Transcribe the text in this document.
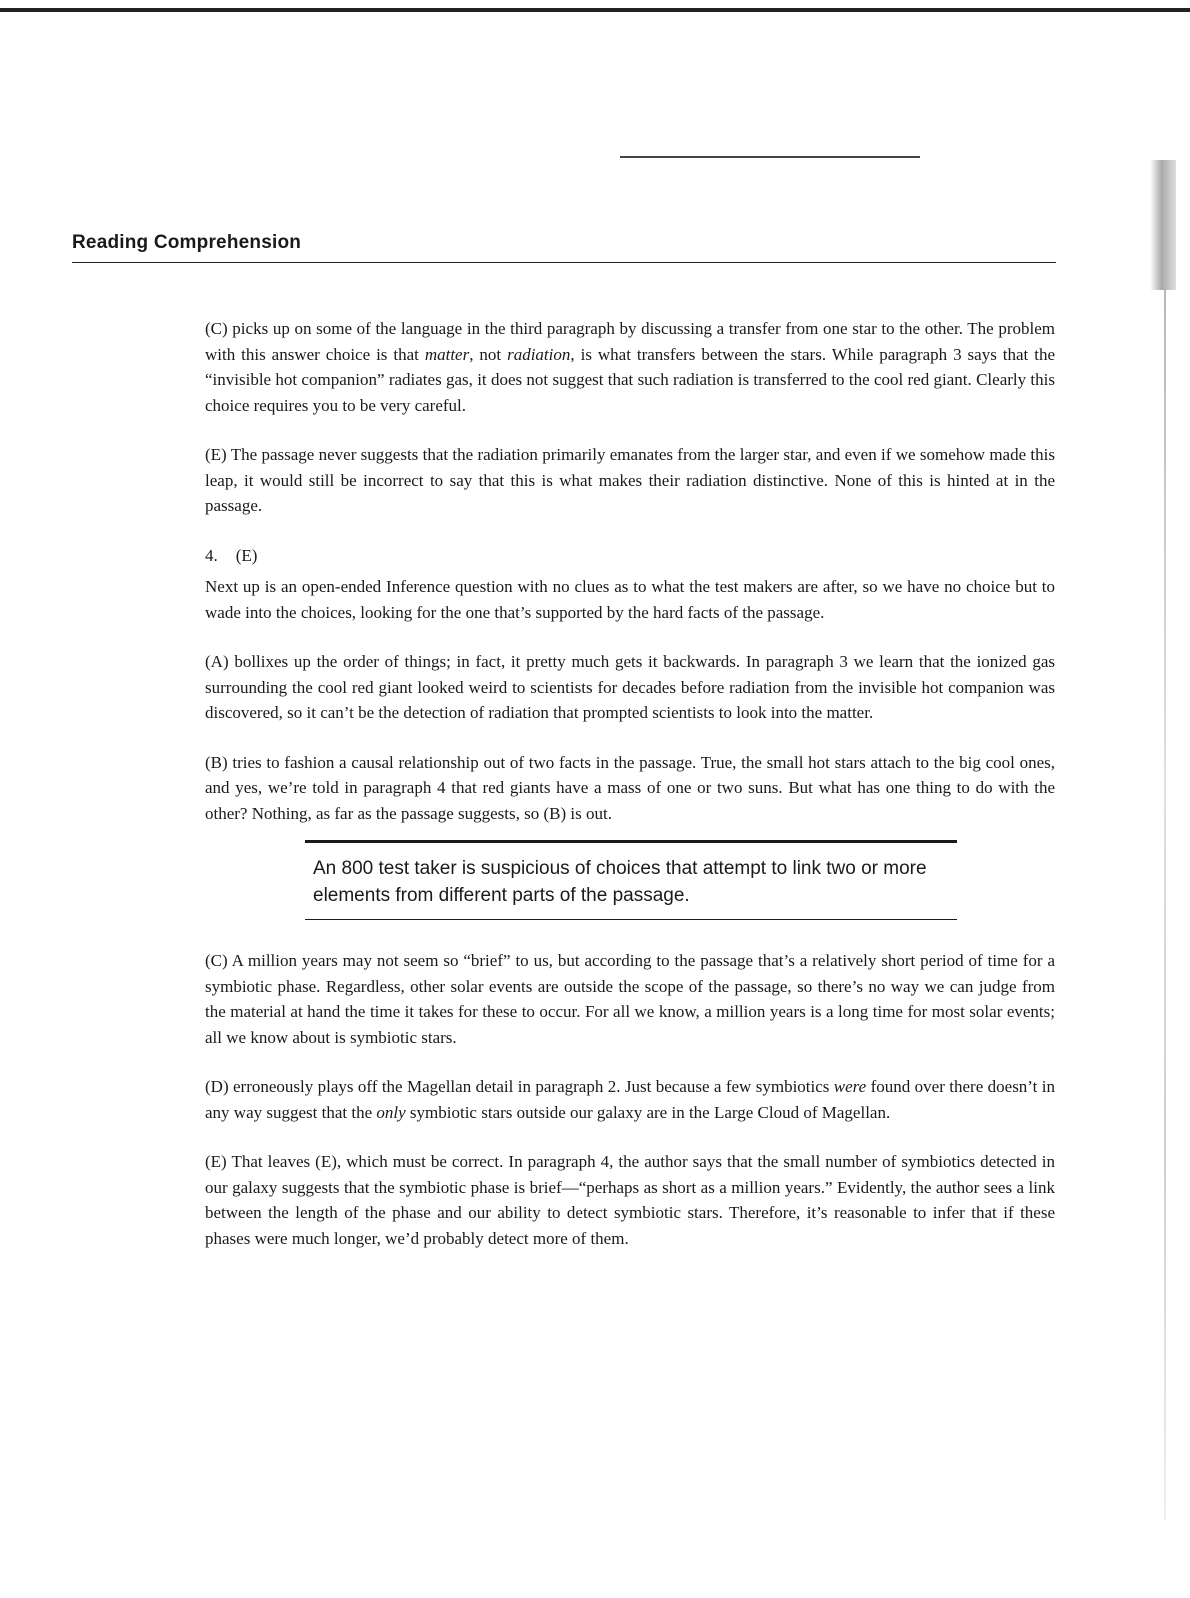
Reading Comprehension

(C) picks up on some of the language in the third paragraph by discussing a transfer from one star to the other. The problem with this answer choice is that matter, not radiation, is what transfers between the stars. While paragraph 3 says that the “invisible hot companion” radiates gas, it does not suggest that such radiation is transferred to the cool red giant. Clearly this choice requires you to be very careful.

(E) The passage never suggests that the radiation primarily emanates from the larger star, and even if we somehow made this leap, it would still be incorrect to say that this is what makes their radiation distinctive. None of this is hinted at in the passage.

4. (E)

Next up is an open-ended Inference question with no clues as to what the test makers are after, so we have no choice but to wade into the choices, looking for the one that’s supported by the hard facts of the passage.

(A) bollixes up the order of things; in fact, it pretty much gets it backwards. In paragraph 3 we learn that the ionized gas surrounding the cool red giant looked weird to scientists for decades before radiation from the invisible hot companion was discovered, so it can’t be the detection of radiation that prompted scientists to look into the matter.

(B) tries to fashion a causal relationship out of two facts in the passage. True, the small hot stars attach to the big cool ones, and yes, we’re told in paragraph 4 that red giants have a mass of one or two suns. But what has one thing to do with the other? Nothing, as far as the passage suggests, so (B) is out.

An 800 test taker is suspicious of choices that attempt to link two or more elements from different parts of the passage.

(C) A million years may not seem so “brief” to us, but according to the passage that’s a relatively short period of time for a symbiotic phase. Regardless, other solar events are outside the scope of the passage, so there’s no way we can judge from the material at hand the time it takes for these to occur. For all we know, a million years is a long time for most solar events; all we know about is symbiotic stars.

(D) erroneously plays off the Magellan detail in paragraph 2. Just because a few symbiotics were found over there doesn’t in any way suggest that the only symbiotic stars outside our galaxy are in the Large Cloud of Magellan.

(E) That leaves (E), which must be correct. In paragraph 4, the author says that the small number of symbiotics detected in our galaxy suggests that the symbiotic phase is brief—“perhaps as short as a million years.” Evidently, the author sees a link between the length of the phase and our ability to detect symbiotic stars. Therefore, it’s reasonable to infer that if these phases were much longer, we’d probably detect more of them.
